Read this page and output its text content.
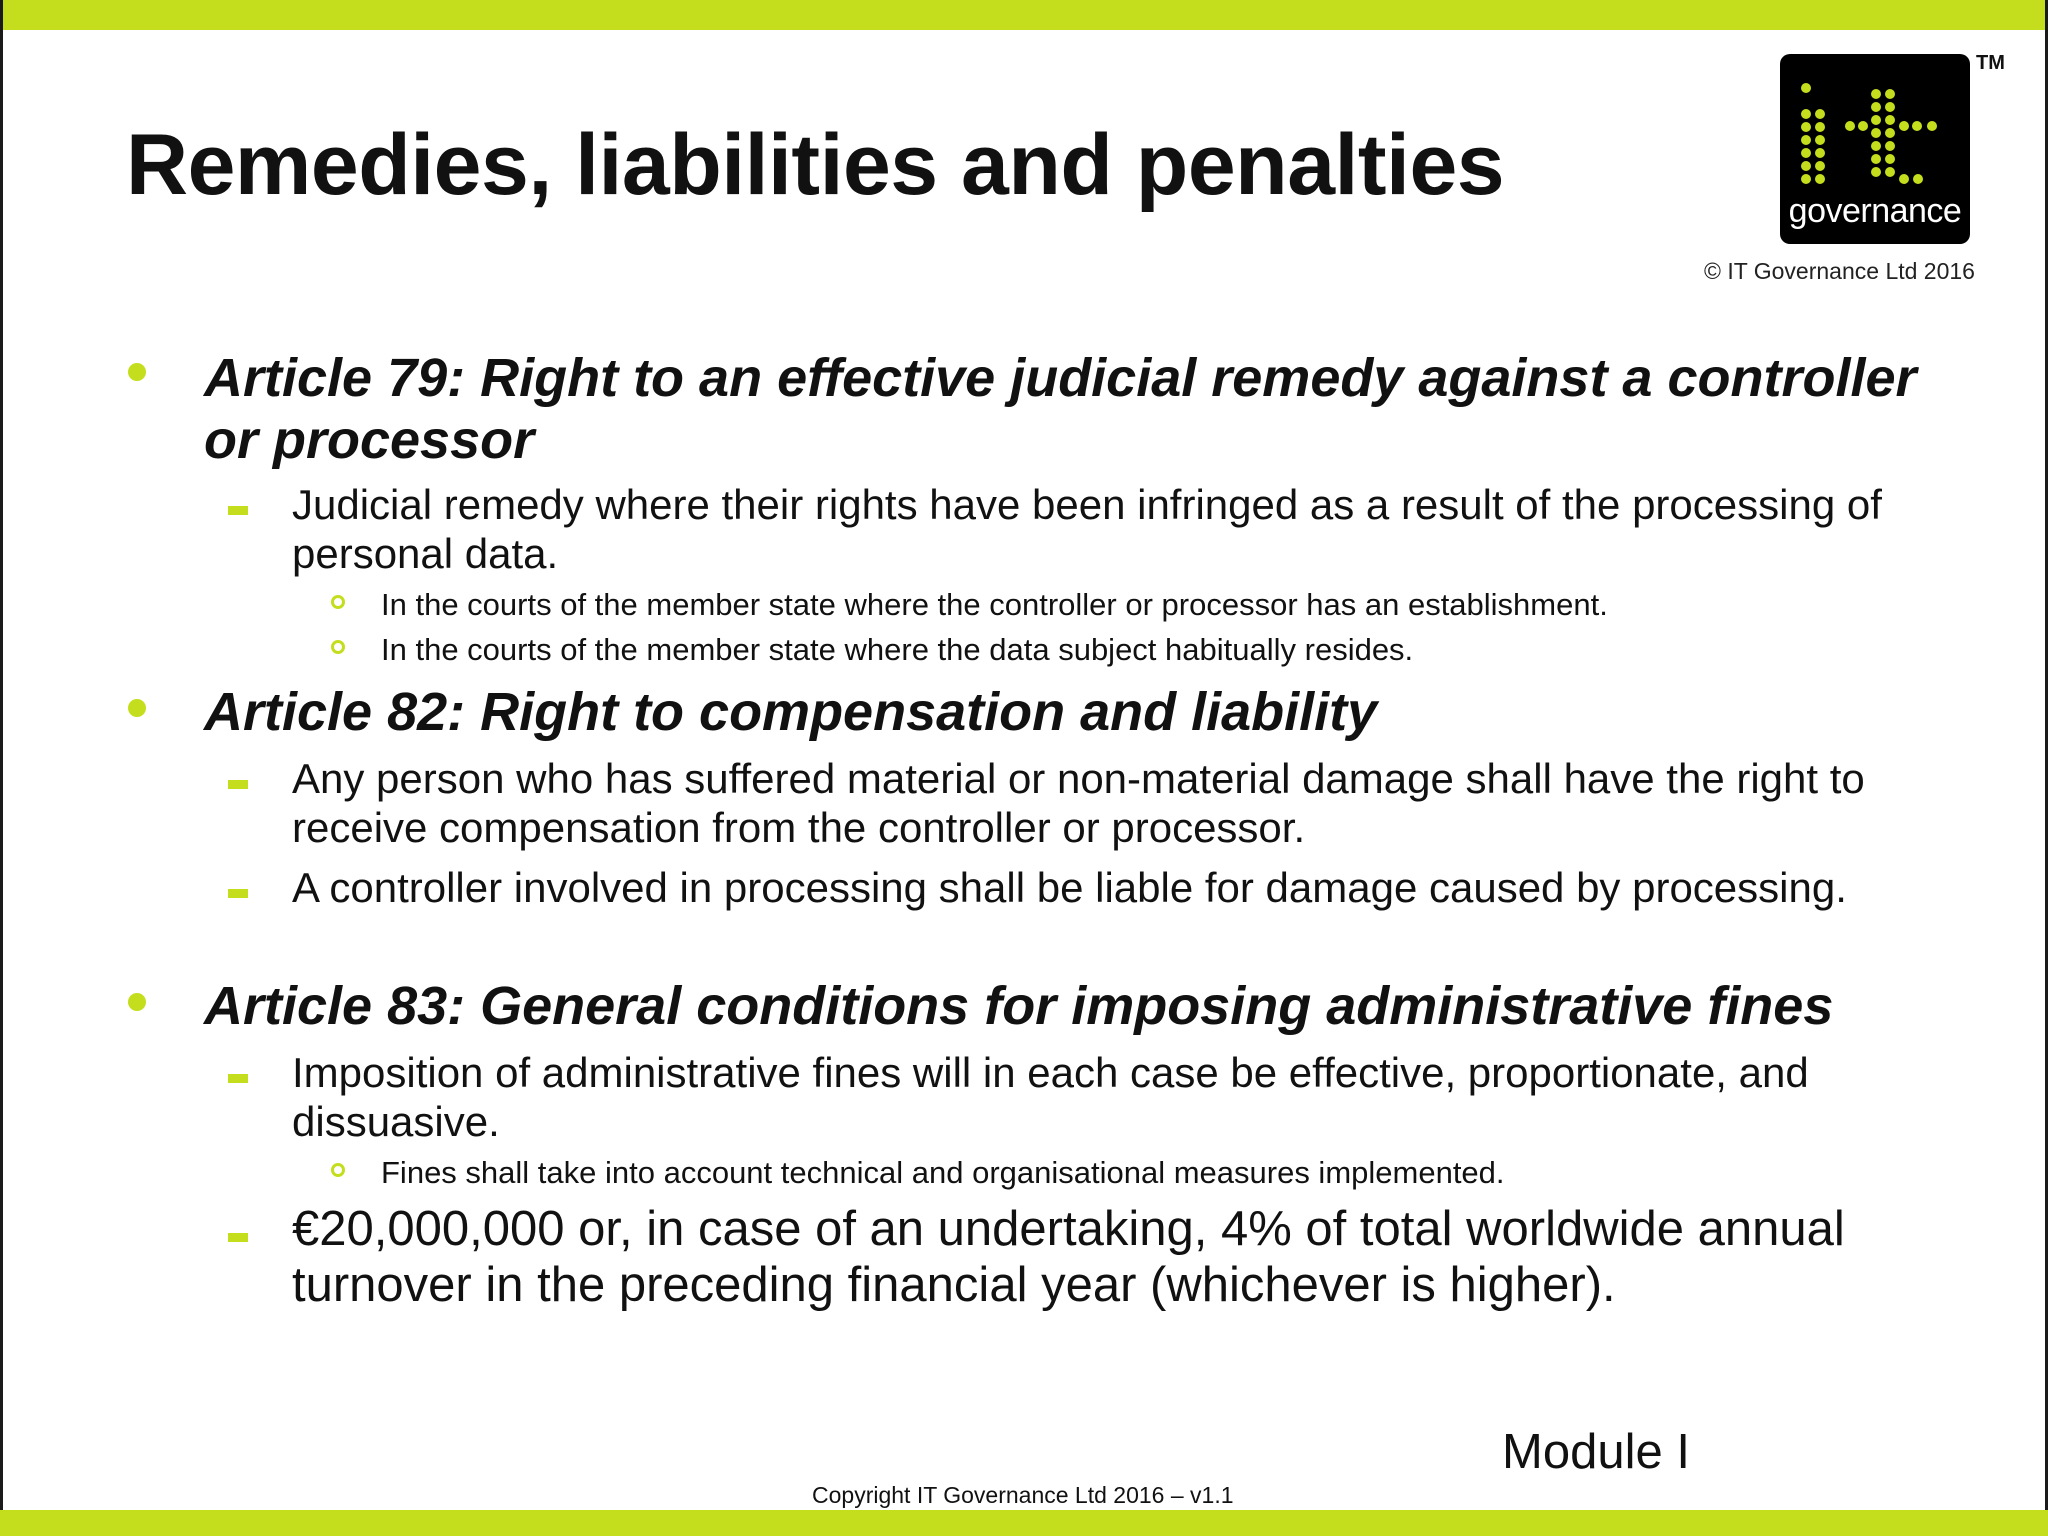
Remedies, liabilities and penalties	governance
TM
© IT Governance Ltd 2016

Article 79: Right to an effective judicial remedy against a controller or processor

Judicial remedy where their rights have been infringed as a result of the processing of personal data.

In the courts of the member state where the controller or processor has an establishment.

In the courts of the member state where the data subject habitually resides.

Article 82: Right to compensation and liability

Any person who has suffered material or non-material damage shall have the right to receive compensation from the controller or processor.

A controller involved in processing shall be liable for damage caused by processing.

Article 83: General conditions for imposing administrative fines

Imposition of administrative fines will in each case be effective, proportionate, and dissuasive.

Fines shall take into account technical and organisational measures implemented.

€20,000,000 or, in case of an undertaking, 4% of total worldwide annual turnover in the preceding financial year (whichever is higher).

Module I
Copyright IT Governance Ltd 2016 – v1.1
